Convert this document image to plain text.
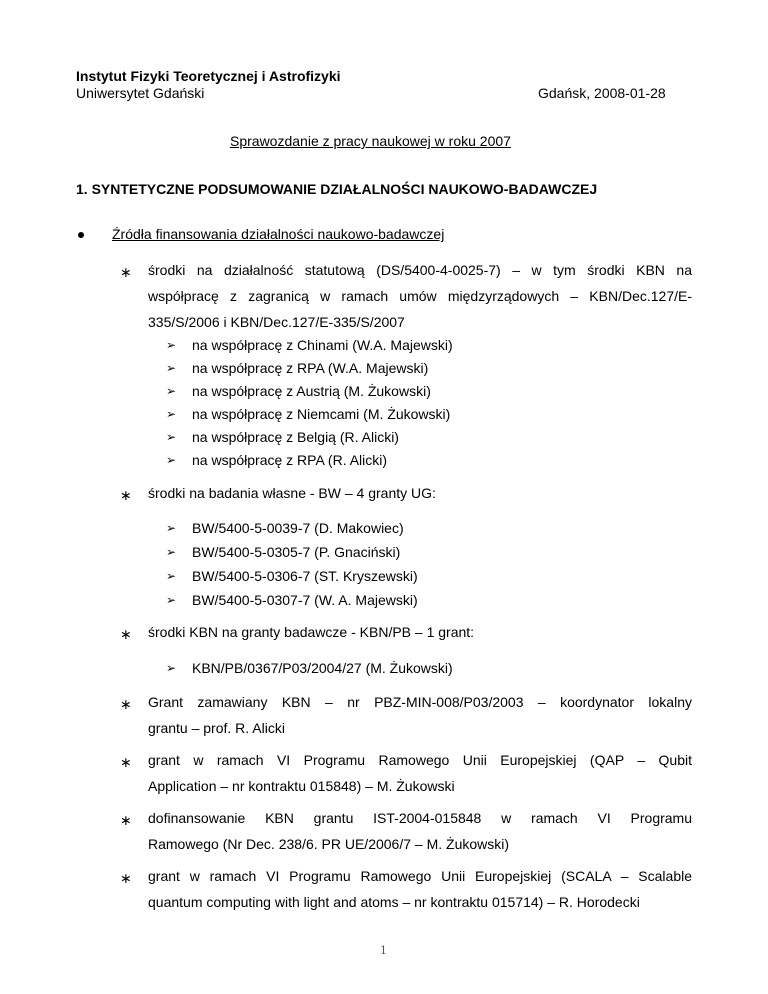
Instytut Fizyki Teoretycznej i Astrofizyki
Uniwersytet Gdański	Gdańsk, 2008-01-28
Sprawozdanie z pracy naukowej w roku 2007
1. SYNTETYCZNE PODSUMOWANIE DZIAŁALNOŚCI NAUKOWO-BADAWCZEJ
Źródła finansowania działalności naukowo-badawczej
∗ środki na działalność statutową (DS/5400-4-0025-7) – w tym środki KBN na
współpracę z zagranicą w ramach umów międzyrządowych – KBN/Dec.127/E-
335/S/2006 i KBN/Dec.127/E-335/S/2007
➢ na współpracę z Chinami (W.A. Majewski)
➢ na współpracę z RPA (W.A. Majewski)
➢ na współpracę z Austrią (M. Żukowski)
➢ na współpracę z Niemcami (M. Żukowski)
➢ na współpracę z Belgią (R. Alicki)
➢ na współpracę z RPA (R. Alicki)
∗ środki na badania własne - BW – 4 granty UG:
➢ BW/5400-5-0039-7 (D. Makowiec)
➢ BW/5400-5-0305-7 (P. Gnaciński)
➢ BW/5400-5-0306-7 (ST. Kryszewski)
➢ BW/5400-5-0307-7 (W. A. Majewski)
∗ środki KBN na granty badawcze - KBN/PB – 1 grant:
➢ KBN/PB/0367/P03/2004/27 (M. Żukowski)
∗ Grant zamawiany KBN – nr PBZ-MIN-008/P03/2003 – koordynator lokalny
grantu – prof. R. Alicki
∗ grant w ramach VI Programu Ramowego Unii Europejskiej (QAP – Qubit
Application – nr kontraktu 015848) – M. Żukowski
∗ dofinansowanie KBN grantu IST-2004-015848 w ramach VI Programu
Ramowego (Nr Dec. 238/6. PR UE/2006/7 – M. Żukowski)
∗ grant w ramach VI Programu Ramowego Unii Europejskiej (SCALA – Scalable
quantum computing with light and atoms – nr kontraktu 015714) – R. Horodecki
1
